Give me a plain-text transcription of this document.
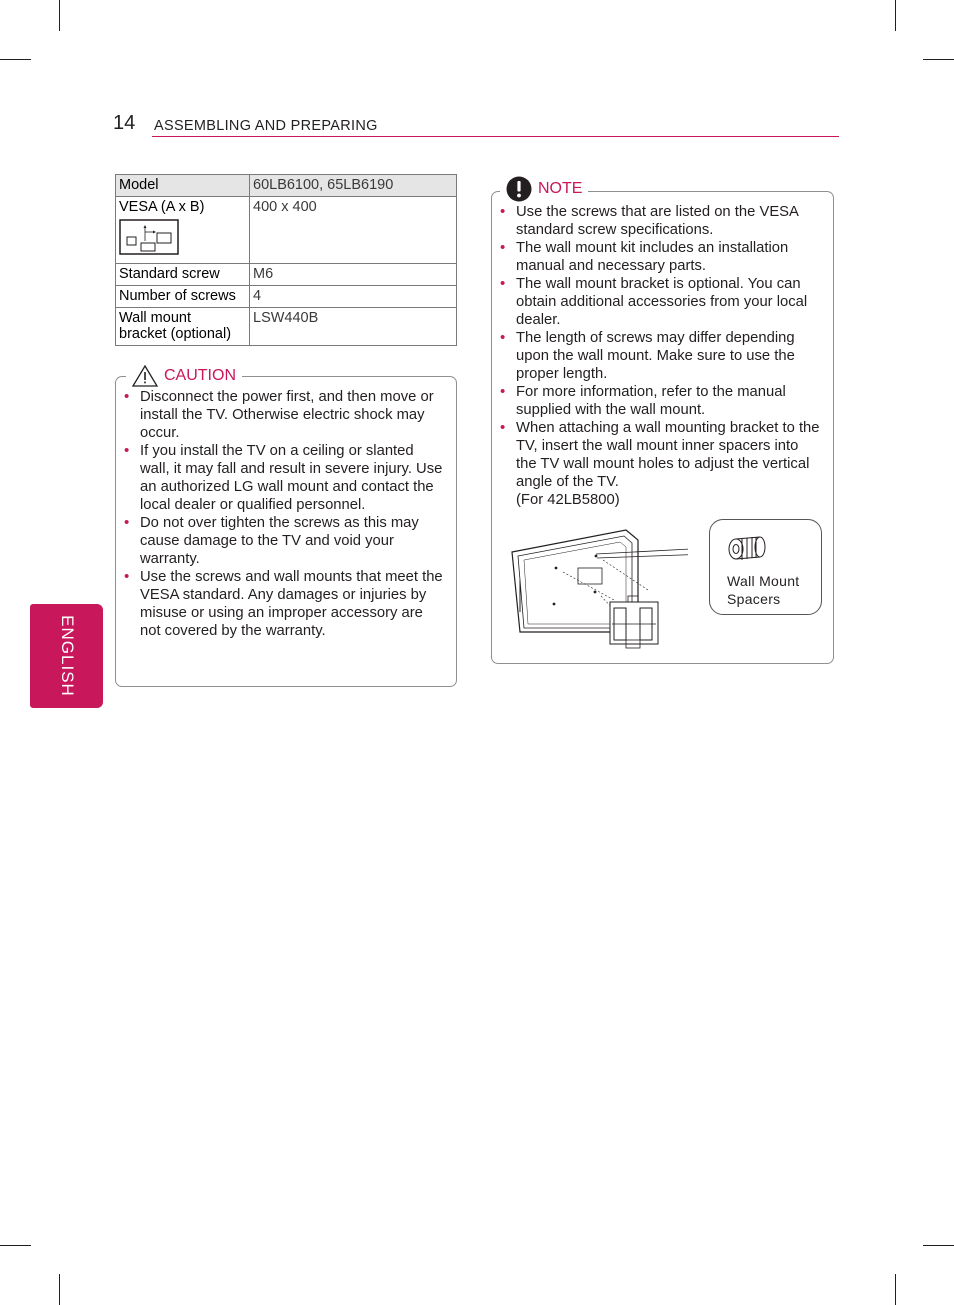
14 ASSEMBLING AND PREPARING
ENGLISH
Model	60LB6100, 65LB6190

VESA (A x B)	400 x 400
Standard screw	M6
Number of screws	4

Wall mount
bracket (optional)	LSW440B
• Disconnect the power first, and then move or install the TV. Otherwise electric shock may occur.
• If you install the TV on a ceiling or slanted wall, it may fall and result in severe injury. Use an authorized LG wall mount and contact the local dealer or qualified personnel.
• Do not over tighten the screws as this may cause damage to the TV and void your warranty.
• Use the screws and wall mounts that meet the VESA standard. Any damages or injuries by misuse or using an improper accessory are not covered by the warranty.
CAUTION
• Use the screws that are listed on the VESA standard screw specifications.
• The wall mount kit includes an installation manual and necessary parts.
• The wall mount bracket is optional. You can obtain additional accessories from your local dealer.
• The length of screws may differ depending upon the wall mount. Make sure to use the proper length.
• For more information, refer to the manual supplied with the wall mount.
• When attaching a wall mounting bracket to the TV, insert the wall mount inner spacers into the TV wall mount holes to adjust the vertical angle of the TV.
(For 42LB5800)
NOTE
Wall Mount
Spacers
